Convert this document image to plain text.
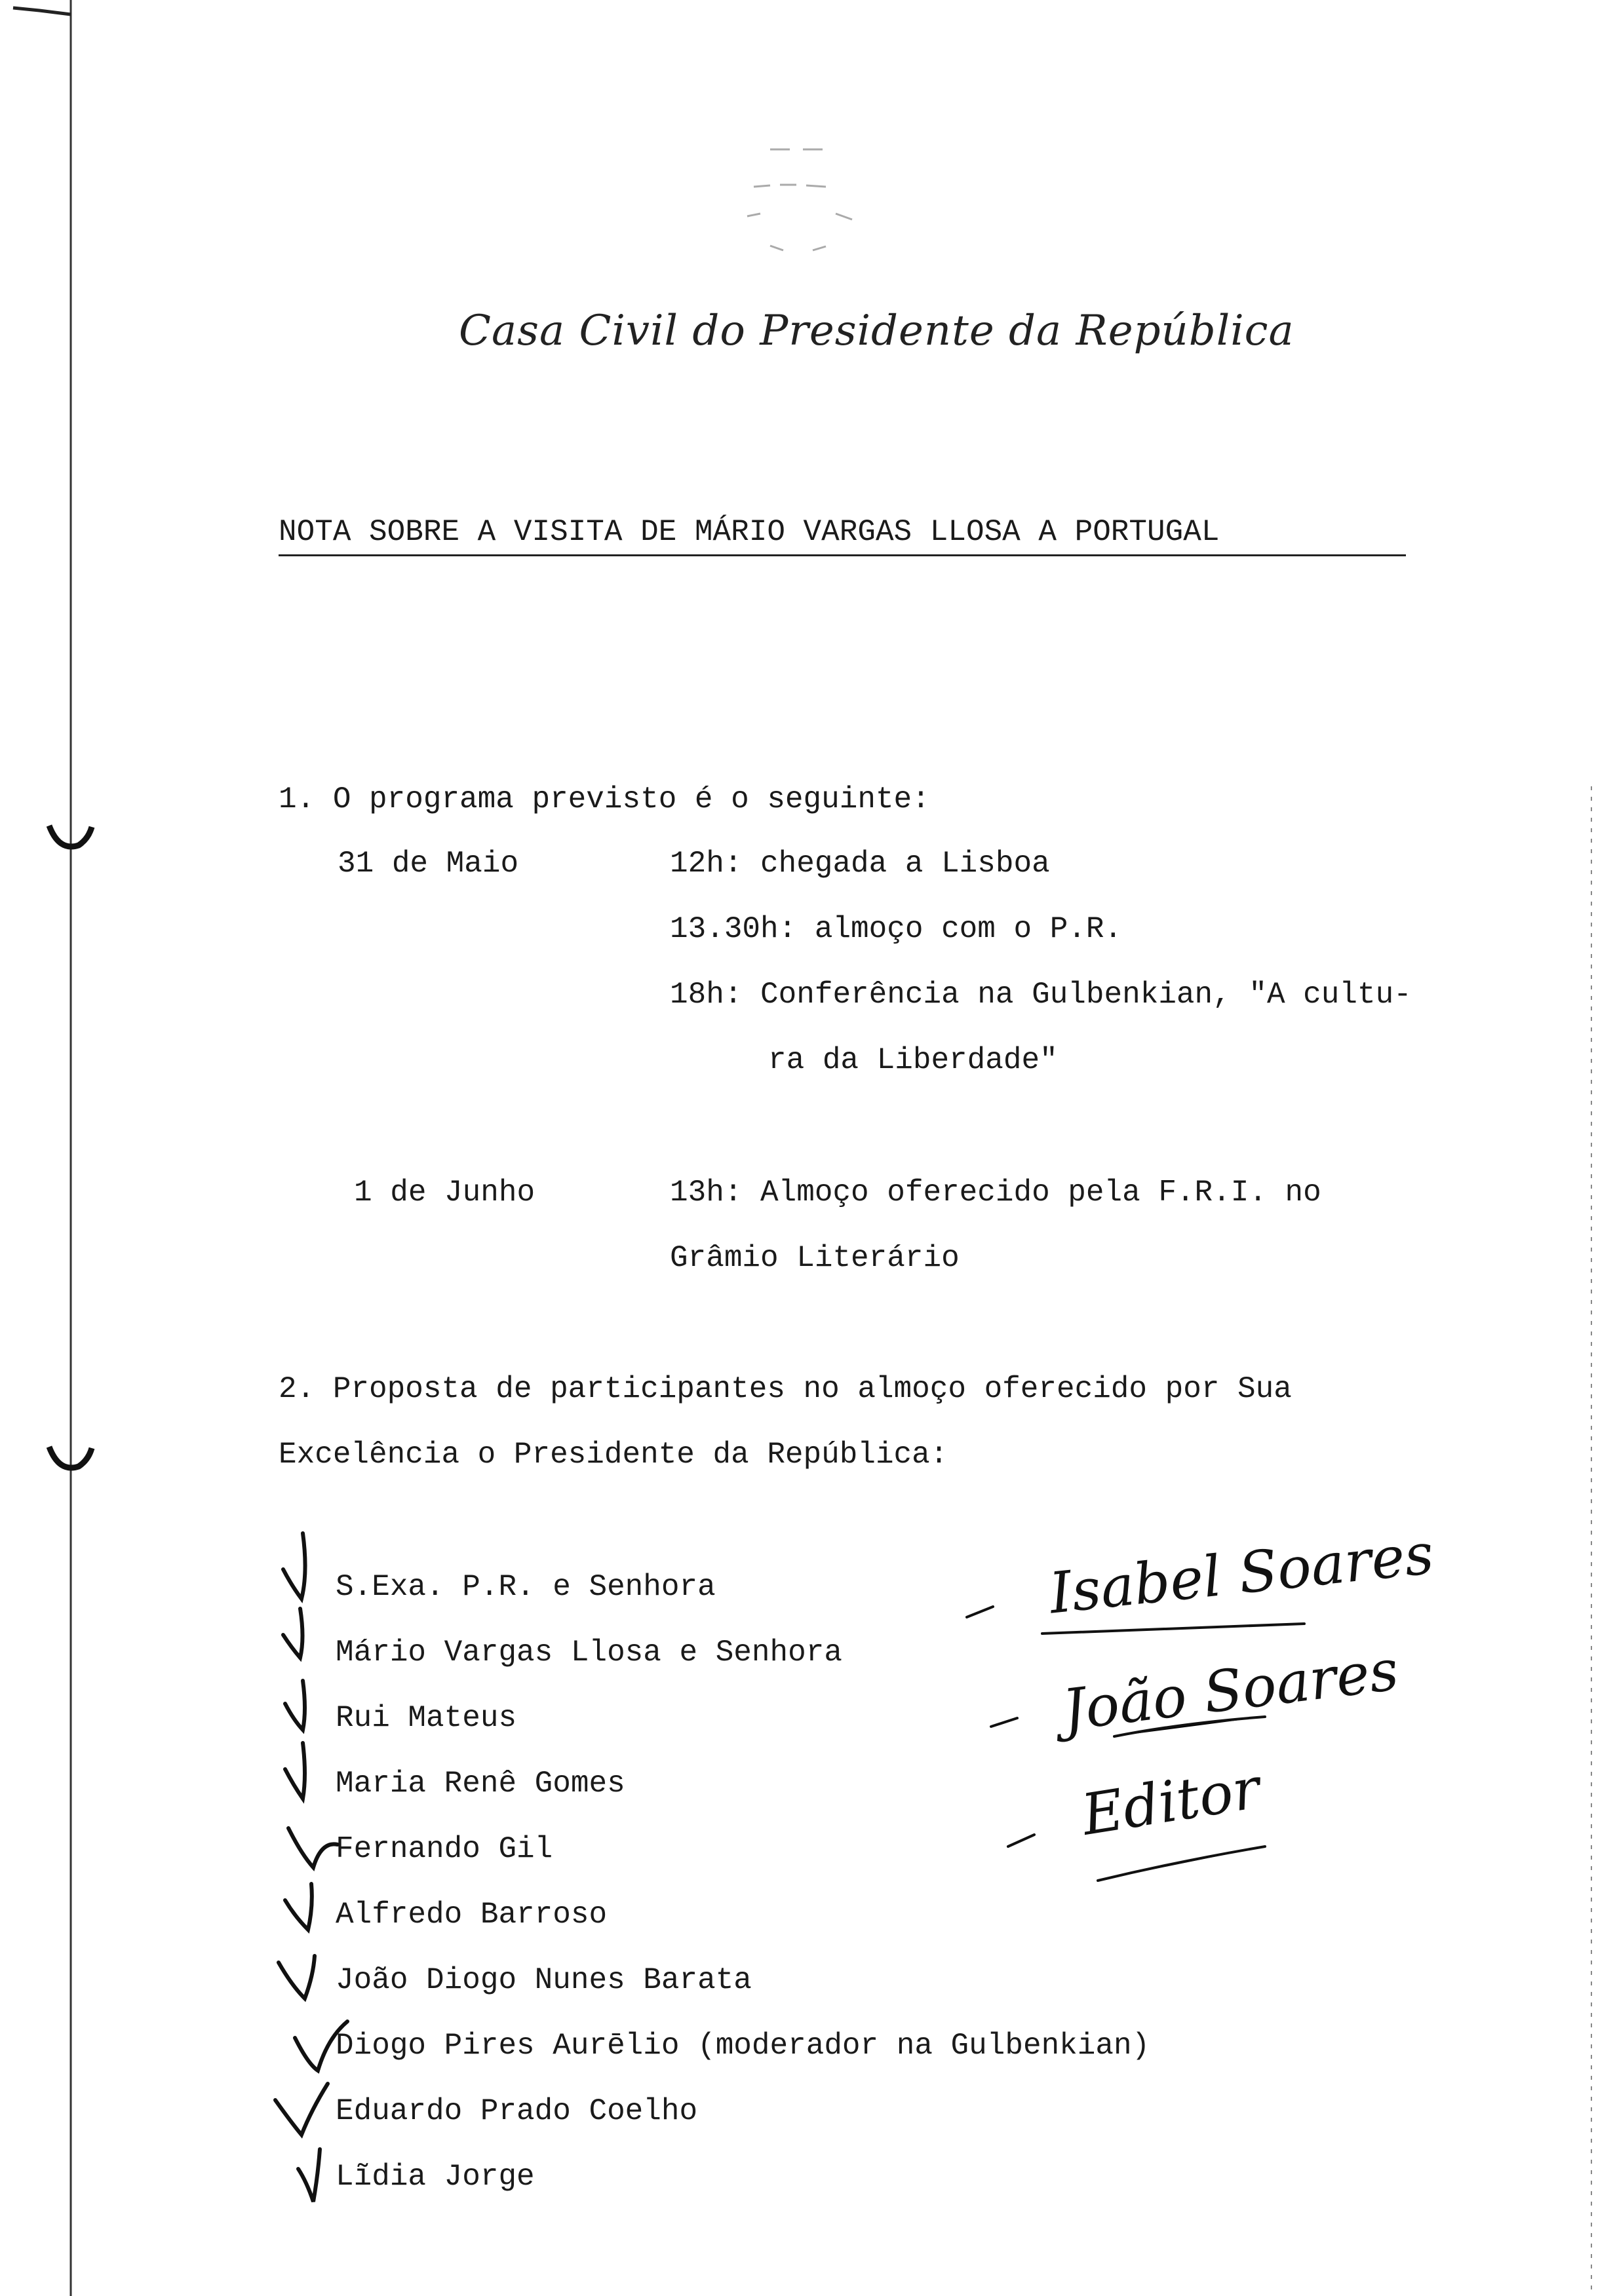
Casa Civil do Presidente da República
NOTA SOBRE A VISITA DE MÁRIO VARGAS LLOSA A PORTUGAL
1. O programa previsto é o seguinte:
31 de Maio	12h: chegada a Lisboa
13.30h: almoço com o P.R.
18h: Conferência na Gulbenkian, "A cultu-
ra da Liberdade"
1 de Junho	13h: Almoço oferecido pela F.R.I. no
Grâmio Literário
2. Proposta de participantes no almoço oferecido por Sua
Excelência o Presidente da República:
S.Exa. P.R. e Senhora
Mário Vargas Llosa e Senhora
Rui Mateus
Maria Renê Gomes
Fernando Gil
Alfredo Barroso
João Diogo Nunes Barata
Diogo Pires Aurēlio (moderador na Gulbenkian)
Eduardo Prado Coelho
Lĩdia Jorge
Isabel Soares
João Soares
Editor
